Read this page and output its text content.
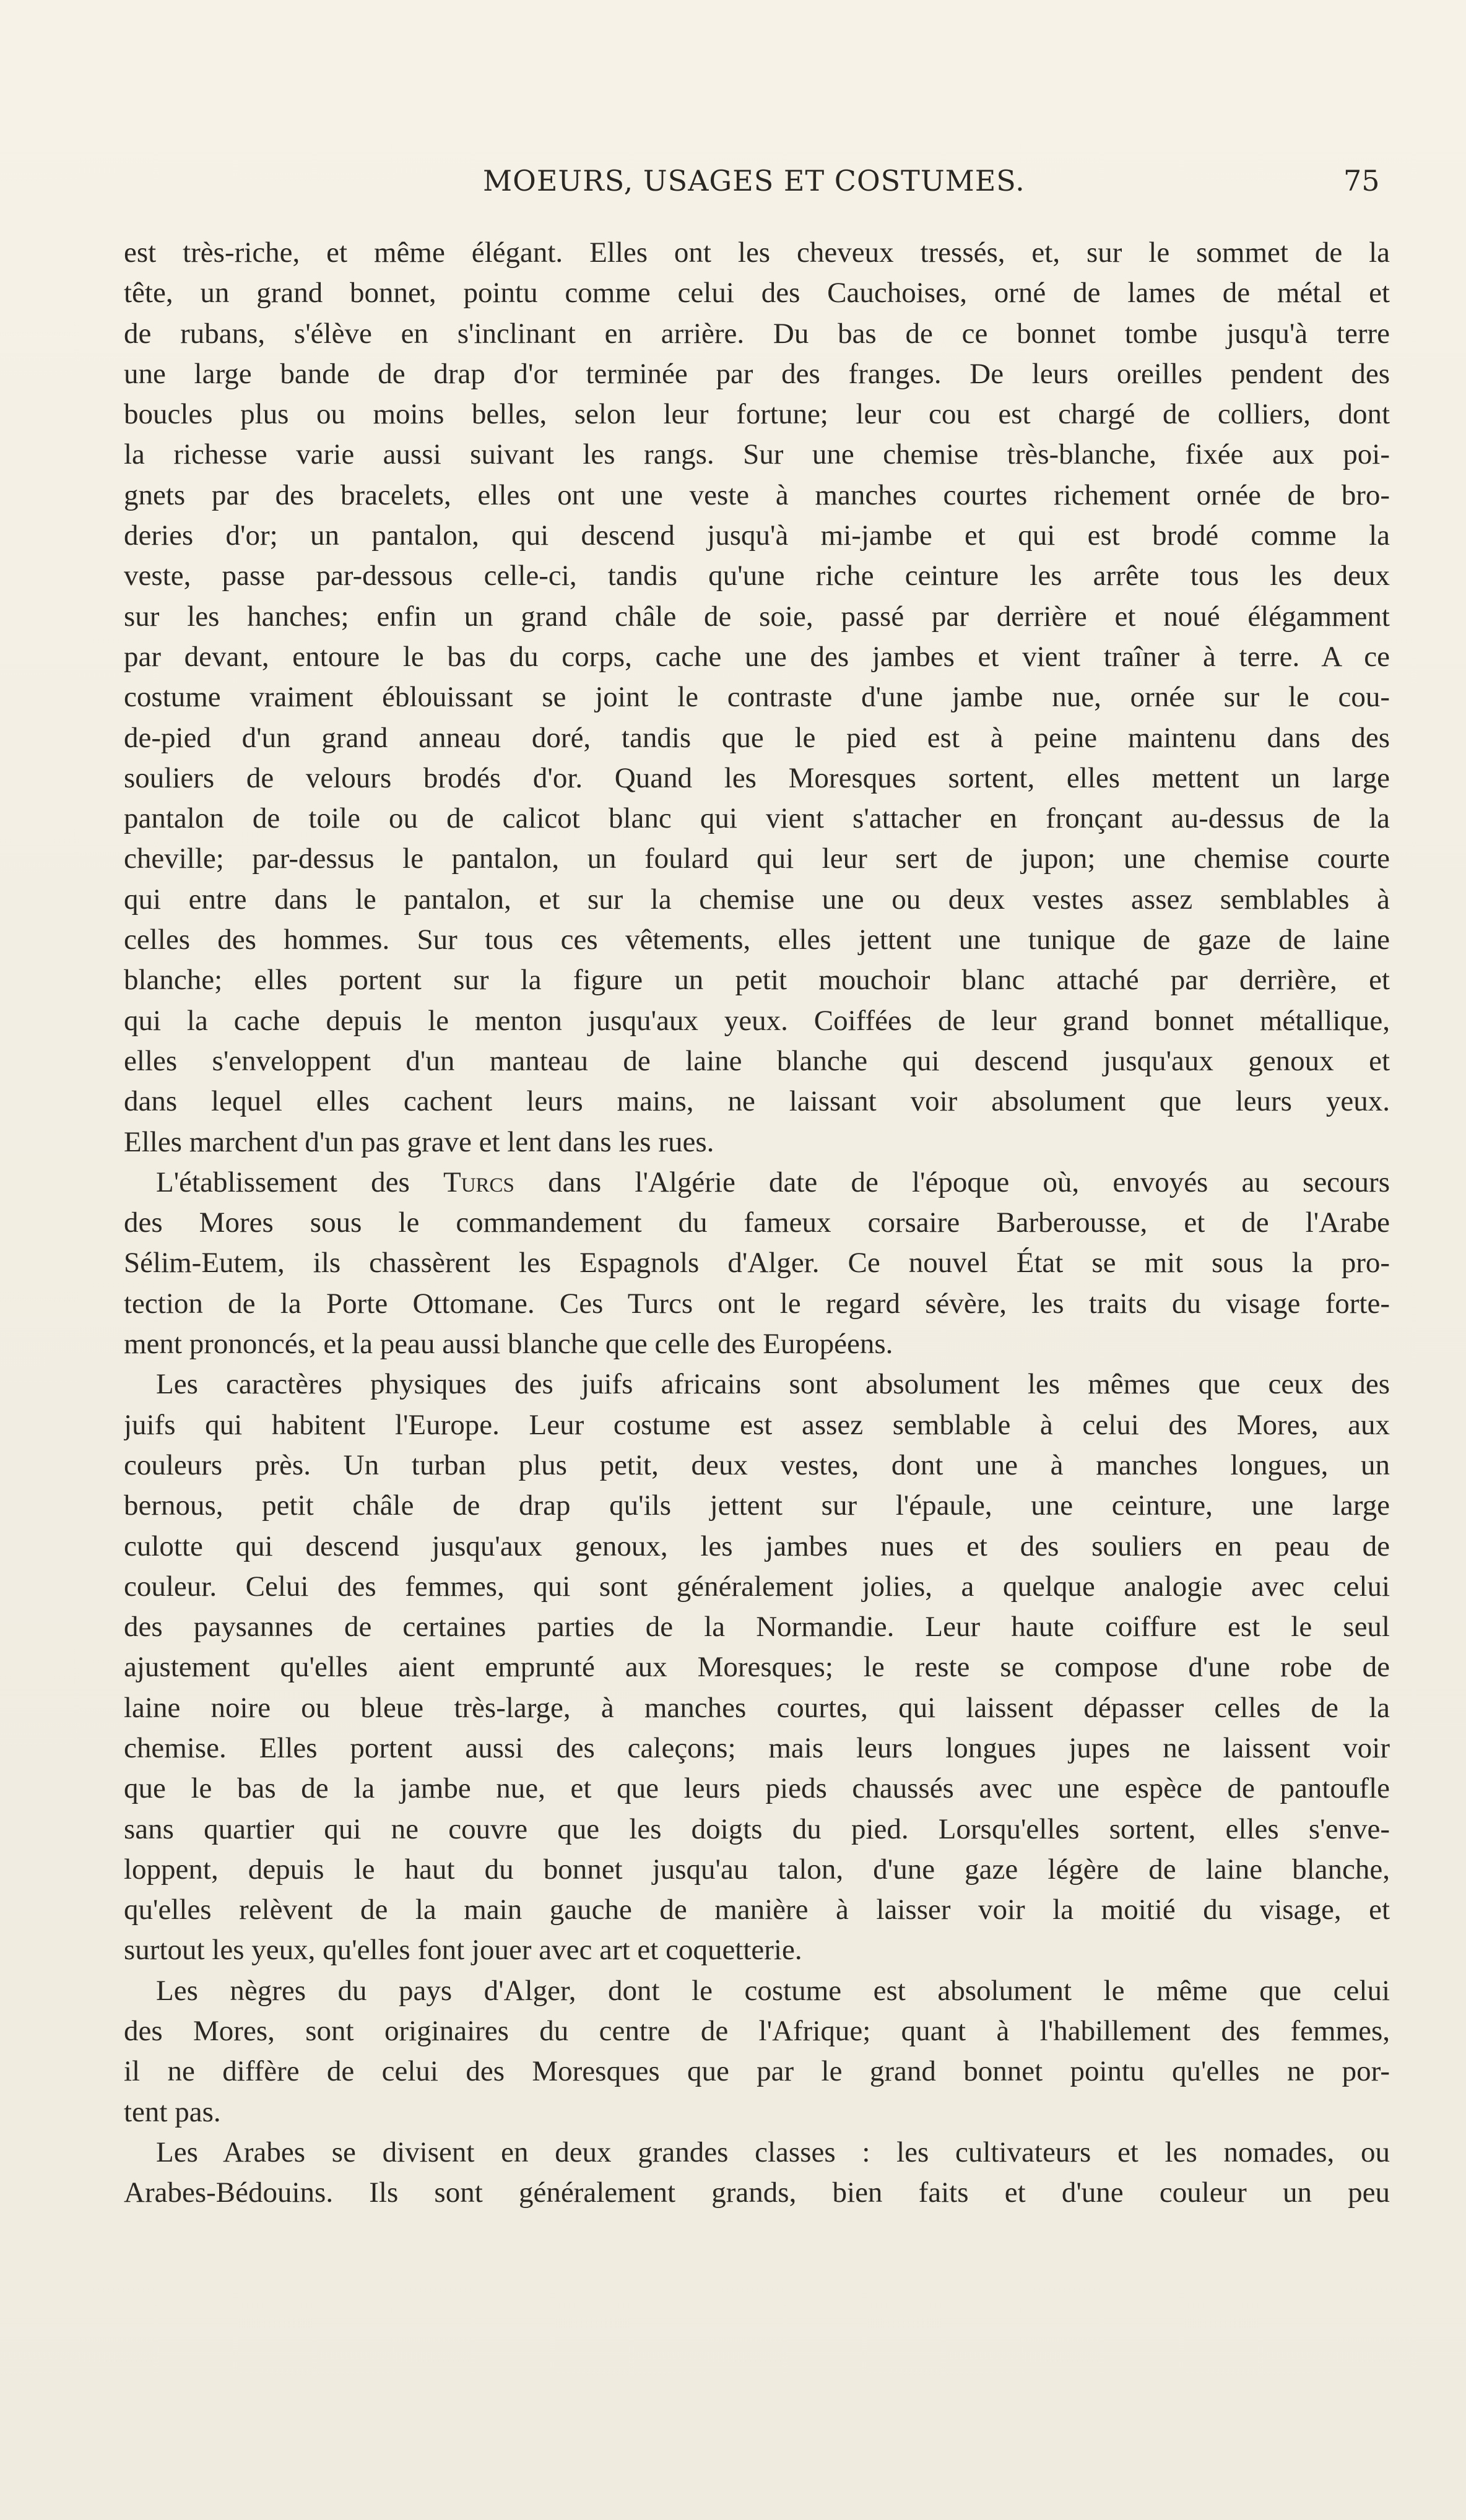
MOEURS, USAGES ET COSTUMES.	75
est très-riche, et même élégant. Elles ont les cheveux tressés, et, sur le sommet de la
tête, un grand bonnet, pointu comme celui des Cauchoises, orné de lames de métal et
de rubans, s'élève en s'inclinant en arrière. Du bas de ce bonnet tombe jusqu'à terre
une large bande de drap d'or terminée par des franges. De leurs oreilles pendent des
boucles plus ou moins belles, selon leur fortune; leur cou est chargé de colliers, dont
la richesse varie aussi suivant les rangs. Sur une chemise très-blanche, fixée aux poi-
gnets par des bracelets, elles ont une veste à manches courtes richement ornée de bro-
deries d'or; un pantalon, qui descend jusqu'à mi-jambe et qui est brodé comme la
veste, passe par-dessous celle-ci, tandis qu'une riche ceinture les arrête tous les deux
sur les hanches; enfin un grand châle de soie, passé par derrière et noué élégamment
par devant, entoure le bas du corps, cache une des jambes et vient traîner à terre. A ce
costume vraiment éblouissant se joint le contraste d'une jambe nue, ornée sur le cou-
de-pied d'un grand anneau doré, tandis que le pied est à peine maintenu dans des
souliers de velours brodés d'or. Quand les Moresques sortent, elles mettent un large
pantalon de toile ou de calicot blanc qui vient s'attacher en fronçant au-dessus de la
cheville; par-dessus le pantalon, un foulard qui leur sert de jupon; une chemise courte
qui entre dans le pantalon, et sur la chemise une ou deux vestes assez semblables à
celles des hommes. Sur tous ces vêtements, elles jettent une tunique de gaze de laine
blanche; elles portent sur la figure un petit mouchoir blanc attaché par derrière, et
qui la cache depuis le menton jusqu'aux yeux. Coiffées de leur grand bonnet métallique,
elles s'enveloppent d'un manteau de laine blanche qui descend jusqu'aux genoux et
dans lequel elles cachent leurs mains, ne laissant voir absolument que leurs yeux.
Elles marchent d'un pas grave et lent dans les rues.
L'établissement des Turcs dans l'Algérie date de l'époque où, envoyés au secours
des Mores sous le commandement du fameux corsaire Barberousse, et de l'Arabe
Sélim-Eutem, ils chassèrent les Espagnols d'Alger. Ce nouvel État se mit sous la pro-
tection de la Porte Ottomane. Ces Turcs ont le regard sévère, les traits du visage forte-
ment prononcés, et la peau aussi blanche que celle des Européens.
Les caractères physiques des juifs africains sont absolument les mêmes que ceux des
juifs qui habitent l'Europe. Leur costume est assez semblable à celui des Mores, aux
couleurs près. Un turban plus petit, deux vestes, dont une à manches longues, un
bernous, petit châle de drap qu'ils jettent sur l'épaule, une ceinture, une large
culotte qui descend jusqu'aux genoux, les jambes nues et des souliers en peau de
couleur. Celui des femmes, qui sont généralement jolies, a quelque analogie avec celui
des paysannes de certaines parties de la Normandie. Leur haute coiffure est le seul
ajustement qu'elles aient emprunté aux Moresques; le reste se compose d'une robe de
laine noire ou bleue très-large, à manches courtes, qui laissent dépasser celles de la
chemise. Elles portent aussi des caleçons; mais leurs longues jupes ne laissent voir
que le bas de la jambe nue, et que leurs pieds chaussés avec une espèce de pantoufle
sans quartier qui ne couvre que les doigts du pied. Lorsqu'elles sortent, elles s'enve-
loppent, depuis le haut du bonnet jusqu'au talon, d'une gaze légère de laine blanche,
qu'elles relèvent de la main gauche de manière à laisser voir la moitié du visage, et
surtout les yeux, qu'elles font jouer avec art et coquetterie.
Les nègres du pays d'Alger, dont le costume est absolument le même que celui
des Mores, sont originaires du centre de l'Afrique; quant à l'habillement des femmes,
il ne diffère de celui des Moresques que par le grand bonnet pointu qu'elles ne por-
tent pas.
Les Arabes se divisent en deux grandes classes : les cultivateurs et les nomades, ou
Arabes-Bédouins. Ils sont généralement grands, bien faits et d'une couleur un peu
